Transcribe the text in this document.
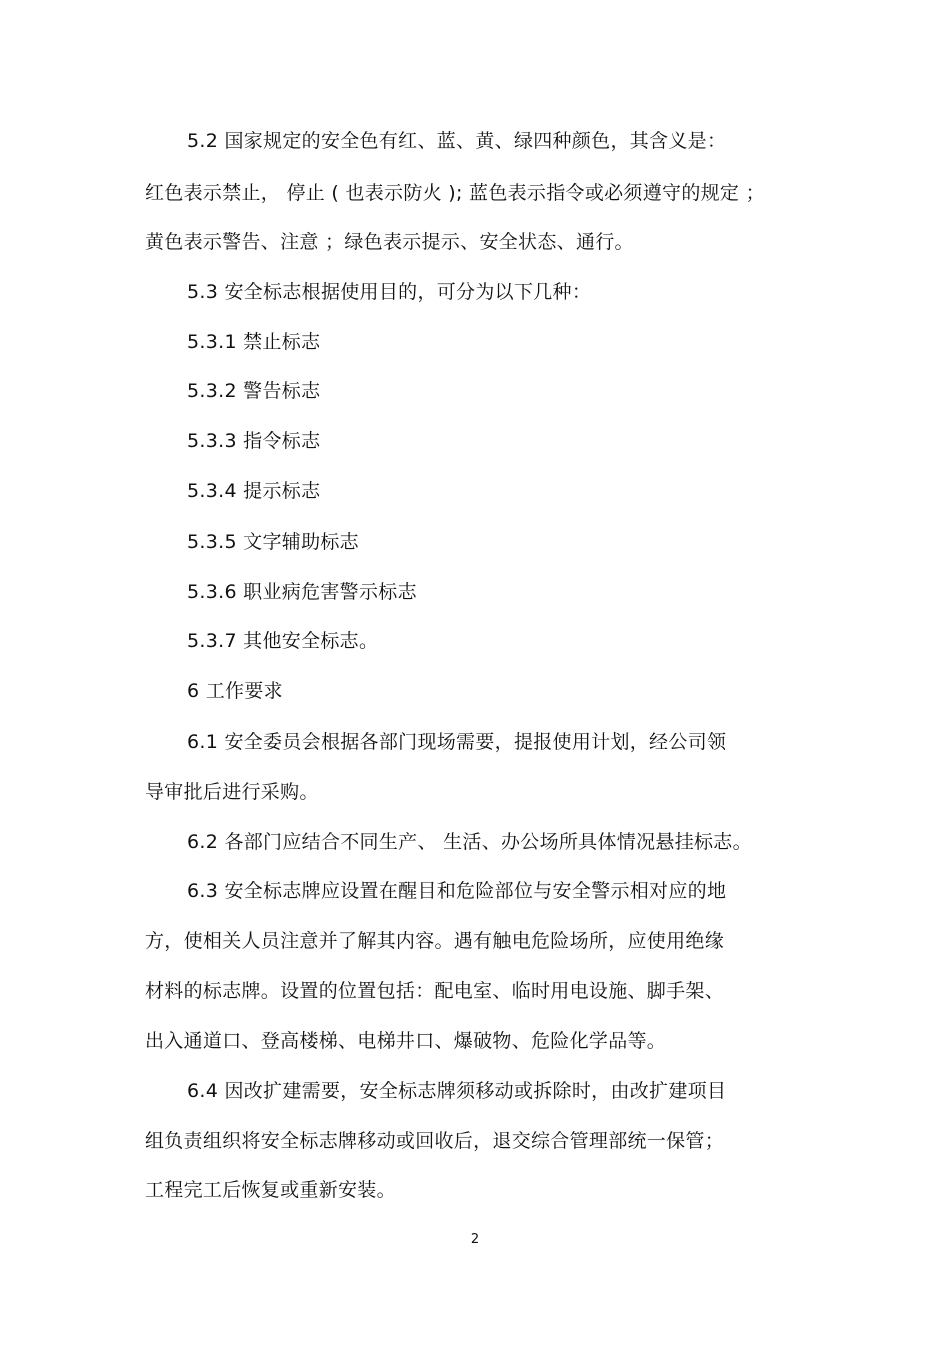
5.2 国家规定的安全色有红、蓝、黄、绿四种颜色，其含义是：
红色表示禁止， 停止 ( 也表示防火 ); 蓝色表示指令或必须遵守的规定 ；
黄色表示警告、注意 ；绿色表示提示、安全状态、通行。
5.3 安全标志根据使用目的，可分为以下几种：
5.3.1 禁止标志
5.3.2 警告标志
5.3.3 指令标志
5.3.4 提示标志
5.3.5 文字辅助标志
5.3.6 职业病危害警示标志
5.3.7 其他安全标志。
6 工作要求
6.1 安全委员会根据各部门现场需要，提报使用计划，经公司领
导审批后进行采购。
6.2 各部门应结合不同生产、 生活、办公场所具体情况悬挂标志。
6.3 安全标志牌应设置在醒目和危险部位与安全警示相对应的地
方，使相关人员注意并了解其内容。遇有触电危险场所，应使用绝缘
材料的标志牌。设置的位置包括：配电室、临时用电设施、脚手架、
出入通道口、登高楼梯、电梯井口、爆破物、危险化学品等。
6.4 因改扩建需要，安全标志牌须移动或拆除时，由改扩建项目
组负责组织将安全标志牌移动或回收后，退交综合管理部统一保管；
工程完工后恢复或重新安装。
2
